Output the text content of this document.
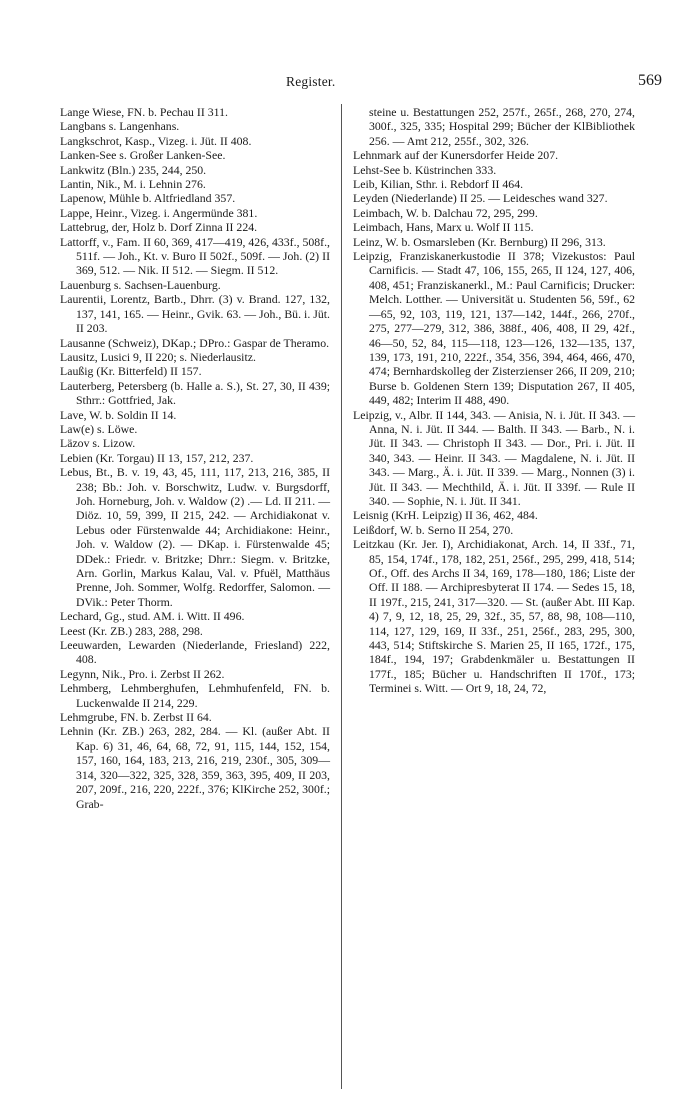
Register.	569

Lange Wiese, FN. b. Pechau II 311.

Langbans s. Langenhans.

Langkschrot, Kasp., Vizeg. i. Jüt. II 408.

Lanken-See s. Großer Lanken-See.

Lankwitz (Bln.) 235, 244, 250.

Lantin, Nik., M. i. Lehnin 276.

Lapenow, Mühle b. Altfriedland 357.

Lappe, Heinr., Vizeg. i. Angermünde 381.

Lattebrug, der, Holz b. Dorf Zinna II 224.

Lattorff, v., Fam. II 60, 369, 417—419, 426, 433f., 508f., 511f. — Joh., Kt. v. Buro II 502f., 509f. — Joh. (2) II 369, 512. — Nik. II 512. — Siegm. II 512.

Lauenburg s. Sachsen-Lauenburg.

Laurentii, Lorentz, Bartb., Dhrr. (3) v. Brand. 127, 132, 137, 141, 165. — Heinr., Gvik. 63. — Joh., Bü. i. Jüt. II 203.

Lausanne (Schweiz), DKap.; DPro.: Gaspar de Theramo.

Lausitz, Lusici 9, II 220; s. Niederlausitz.

Laußig (Kr. Bitterfeld) II 157.

Lauterberg, Petersberg (b. Halle a. S.), St. 27, 30, II 439; Sthrr.: Gottfried, Jak.

Lave, W. b. Soldin II 14.

Law(e) s. Löwe.

Läzov s. Lizow.

Lebien (Kr. Torgau) II 13, 157, 212, 237.

Lebus, Bt., B. v. 19, 43, 45, 111, 117, 213, 216, 385, II 238; Bb.: Joh. v. Borschwitz, Ludw. v. Burgsdorff, Joh. Horneburg, Joh. v. Waldow (2) .— Ld. II 211. — Diöz. 10, 59, 399, II 215, 242. — Archidiakonat v. Lebus oder Fürstenwalde 44; Archidiakone: Heinr., Joh. v. Waldow (2). — DKap. i. Fürstenwalde 45; DDek.: Friedr. v. Britzke; Dhrr.: Siegm. v. Britzke, Arn. Gorlin, Markus Kalau, Val. v. Pfuël, Matthäus Prenne, Joh. Sommer, Wolfg. Redorffer, Salomon. — DVik.: Peter Thorm.

Lechard, Gg., stud. AM. i. Witt. II 496.

Leest (Kr. ZB.) 283, 288, 298.

Leeuwarden, Lewarden (Niederlande, Friesland) 222, 408.

Legynn, Nik., Pro. i. Zerbst II 262.

Lehmberg, Lehmberghufen, Lehmhufenfeld, FN. b. Luckenwalde II 214, 229.

Lehmgrube, FN. b. Zerbst II 64.

Lehnin (Kr. ZB.) 263, 282, 284. — Kl. (außer Abt. II Kap. 6) 31, 46, 64, 68, 72, 91, 115, 144, 152, 154, 157, 160, 164, 183, 213, 216, 219, 230f., 305, 309—314, 320—322, 325, 328, 359, 363, 395, 409, II 203, 207, 209f., 216, 220, 222f., 376; KlKirche 252, 300f.; Grab-

steine u. Bestattungen 252, 257f., 265f., 268, 270, 274, 300f., 325, 335; Hospital 299; Bücher der KlBibliothek 256. — Amt 212, 255f., 302, 326.

Lehnmark auf der Kunersdorfer Heide 207.

Lehst-See b. Küstrinchen 333.

Leib, Kilian, Sthr. i. Rebdorf II 464.

Leyden (Niederlande) II 25. — Leidesches wand 327.

Leimbach, W. b. Dalchau 72, 295, 299.

Leimbach, Hans, Marx u. Wolf II 115.

Leinz, W. b. Osmarsleben (Kr. Bernburg) II 296, 313.

Leipzig, Franziskanerkustodie II 378; Vizekustos: Paul Carnificis. — Stadt 47, 106, 155, 265, II 124, 127, 406, 408, 451; Franziskanerkl., M.: Paul Carnificis; Drucker: Melch. Lotther. — Universität u. Studenten 56, 59f., 62—65, 92, 103, 119, 121, 137—142, 144f., 266, 270f., 275, 277—279, 312, 386, 388f., 406, 408, II 29, 42f., 46—50, 52, 84, 115—118, 123—126, 132—135, 137, 139, 173, 191, 210, 222f., 354, 356, 394, 464, 466, 470, 474; Bernhardskolleg der Zisterzienser 266, II 209, 210; Burse b. Goldenen Stern 139; Disputation 267, II 405, 449, 482; Interim II 488, 490.

Leipzig, v., Albr. II 144, 343. — Anisia, N. i. Jüt. II 343. — Anna, N. i. Jüt. II 344. — Balth. II 343. — Barb., N. i. Jüt. II 343. — Christoph II 343. — Dor., Pri. i. Jüt. II 340, 343. — Heinr. II 343. — Magdalene, N. i. Jüt. II 343. — Marg., Ä. i. Jüt. II 339. — Marg., Nonnen (3) i. Jüt. II 343. — Mechthild, Ä. i. Jüt. II 339f. — Rule II 340. — Sophie, N. i. Jüt. II 341.

Leisnig (KrH. Leipzig) II 36, 462, 484.

Leißdorf, W. b. Serno II 254, 270.

Leitzkau (Kr. Jer. I), Archidiakonat, Arch. 14, II 33f., 71, 85, 154, 174f., 178, 182, 251, 256f., 295, 299, 418, 514; Of., Off. des Archs II 34, 169, 178—180, 186; Liste der Off. II 188. — Archipresbyterat II 174. — Sedes 15, 18, II 197f., 215, 241, 317—320. — St. (außer Abt. III Kap. 4) 7, 9, 12, 18, 25, 29, 32f., 35, 57, 88, 98, 108—110, 114, 127, 129, 169, II 33f., 251, 256f., 283, 295, 300, 443, 514; Stiftskirche S. Marien 25, II 165, 172f., 175, 184f., 194, 197; Grabdenkmäler u. Bestattungen II 177f., 185; Bücher u. Handschriften II 170f., 173; Terminei s. Witt. — Ort 9, 18, 24, 72,
